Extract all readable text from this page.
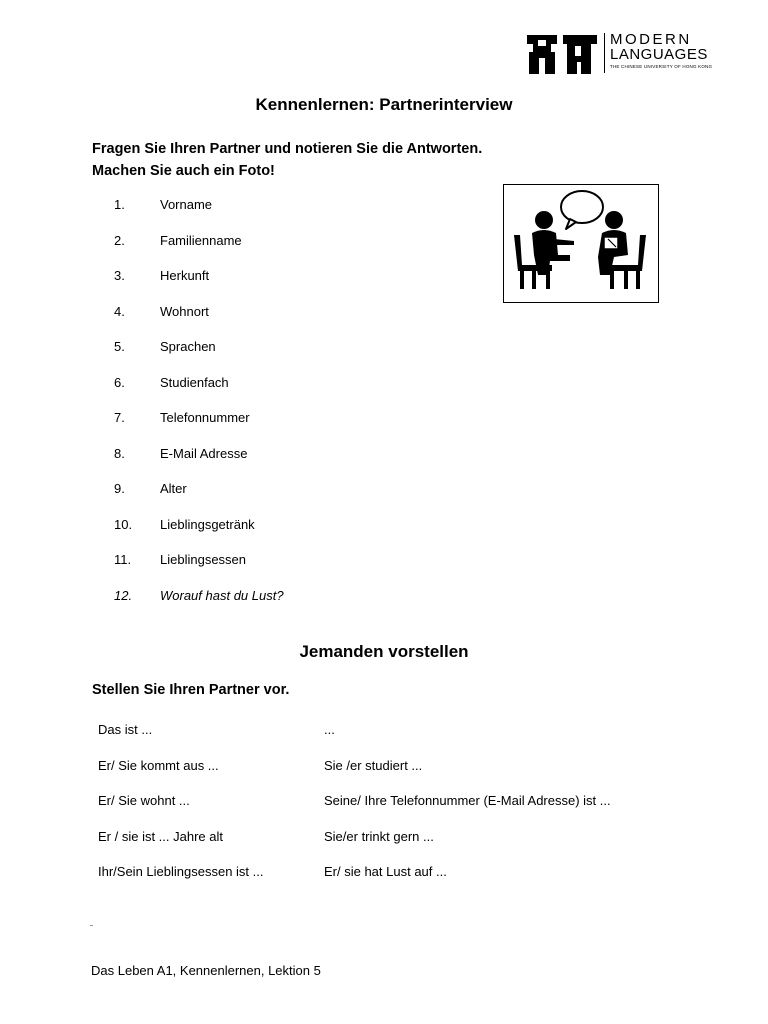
MODERN
LANGUAGES
THE CHINESE UNIVERSITY OF HONG KONG
Kennenlernen: Partnerinterview
Fragen Sie Ihren Partner und notieren Sie die Antworten.
Machen Sie auch ein Foto!
1.	Vorname
2.	Familienname
3.	Herkunft
4.	Wohnort
5.	Sprachen
6.	Studienfach
7.	Telefonnummer
8.	E-Mail Adresse
9.	Alter
10. Lieblingsgetränk
11. Lieblingsessen
12. Worauf hast du Lust?
Jemanden vorstellen
Stellen Sie Ihren Partner vor.
Das ist ...	...
Er/ Sie kommt aus ...	Sie /er studiert ...
Er/ Sie wohnt ...	Seine/ Ihre Telefonnummer (E-Mail Adresse) ist ...
Er / sie ist ... Jahre alt	Sie/er trinkt gern ...
Ihr/Sein Lieblingsessen ist ...	Er/ sie hat Lust auf ...
Das Leben A1, Kennenlernen, Lektion 5
